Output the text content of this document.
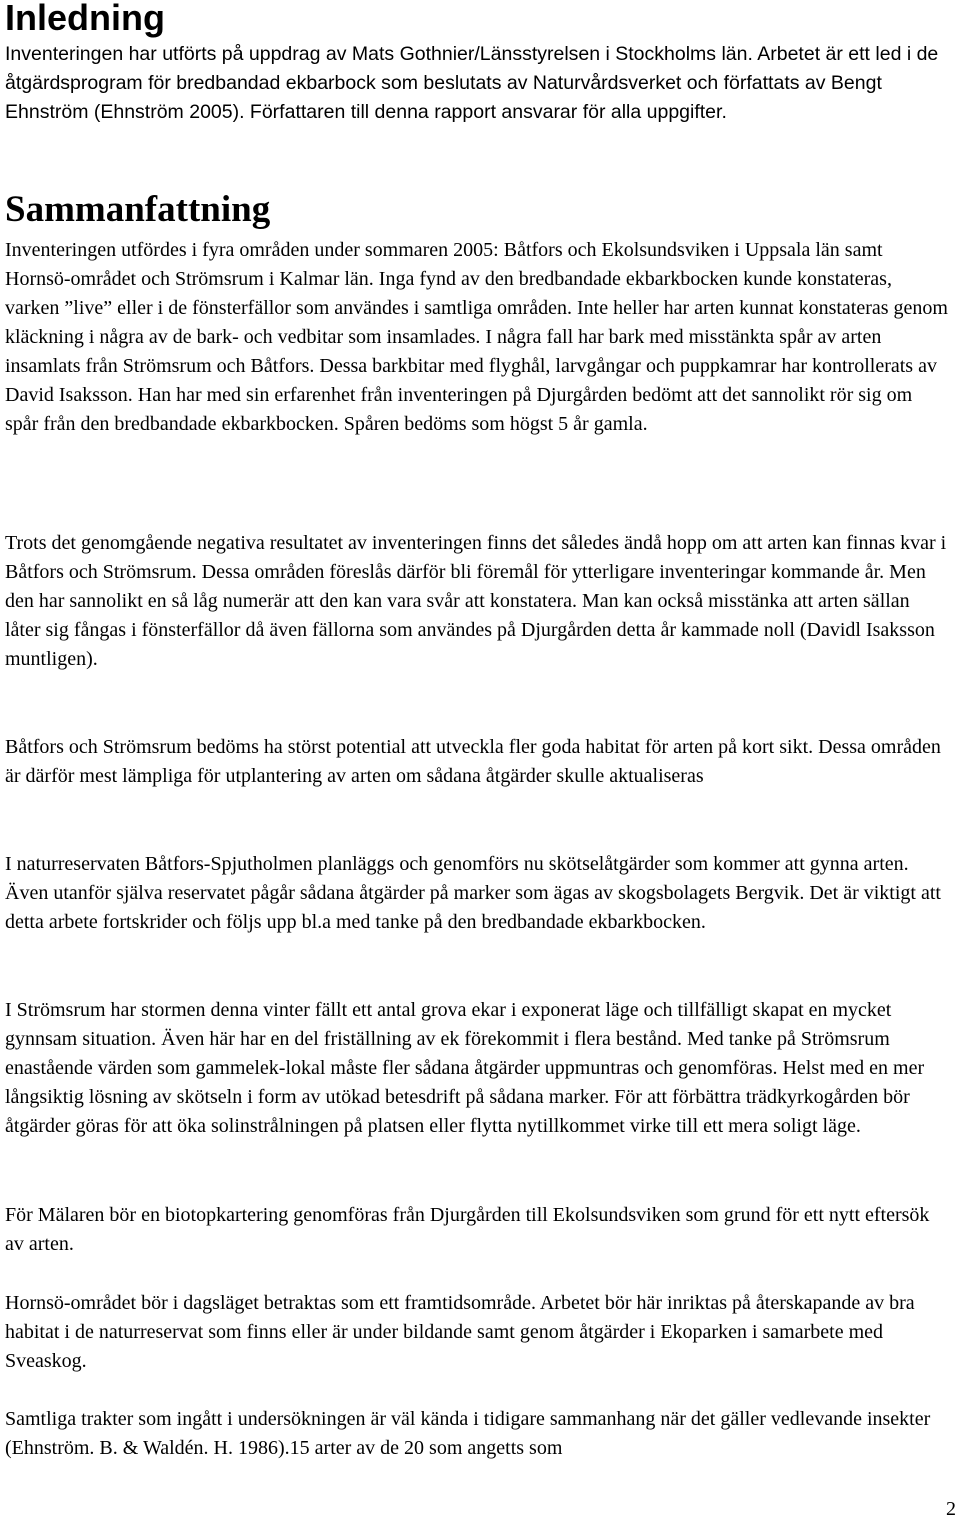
Inledning

Inventeringen har utförts på uppdrag av Mats Gothnier/Länsstyrelsen i Stockholms län. Arbetet är ett led i de åtgärdsprogram för bredbandad ekbarbock som beslutats av Naturvårdsverket och författats av Bengt Ehnström (Ehnström 2005). Författaren till denna rapport ansvarar för alla uppgifter.

Sammanfattning

Inventeringen utfördes i fyra områden under sommaren 2005: Båtfors och Ekolsundsviken i Uppsala län samt Hornsö-området och Strömsrum i Kalmar län. Inga fynd av den bredbandade ekbarkbocken kunde konstateras, varken ”live” eller i de fönsterfällor som användes i samtliga områden. Inte heller har arten kunnat konstateras genom kläckning i några av de bark- och vedbitar som insamlades. I några fall har bark med misstänkta spår av arten insamlats från Strömsrum och Båtfors. Dessa barkbitar med flyghål, larvgångar och puppkamrar har kontrollerats av David Isaksson. Han har med sin erfarenhet från inventeringen på Djurgården bedömt att det sannolikt rör sig om spår från den bredbandade ekbarkbocken. Spåren bedöms som högst 5 år gamla.

Trots det genomgående negativa resultatet av inventeringen finns det således ändå hopp om att arten kan finnas kvar i Båtfors och Strömsrum. Dessa områden föreslås därför bli föremål för ytterligare inventeringar kommande år. Men den har sannolikt en så låg numerär att den kan vara svår att konstatera. Man kan också misstänka att arten sällan låter sig fångas i fönsterfällor då även fällorna som användes på Djurgården detta år kammade noll (Davidl Isaksson muntligen).

Båtfors och Strömsrum bedöms ha störst potential att utveckla fler goda habitat för arten på kort sikt. Dessa områden är därför mest lämpliga för utplantering av arten om sådana åtgärder skulle aktualiseras

I naturreservaten Båtfors-Spjutholmen planläggs och genomförs nu skötselåtgärder som kommer att gynna arten. Även utanför själva reservatet pågår sådana åtgärder på marker som ägas av skogsbolagets Bergvik. Det är viktigt att detta arbete fortskrider och följs upp bl.a med tanke på den bredbandade ekbarkbocken.

I Strömsrum har stormen denna vinter fällt ett antal grova ekar i exponerat läge och tillfälligt skapat en mycket gynnsam situation. Även här har en del friställning av ek förekommit i flera bestånd. Med tanke på Strömsrum enastående värden som gammelek-lokal måste fler sådana åtgärder uppmuntras och genomföras. Helst med en mer långsiktig lösning av skötseln i form av utökad betesdrift på sådana marker. För att förbättra trädkyrkogården bör åtgärder göras för att öka solinstrålningen på platsen eller flytta nytillkommet virke till ett mera soligt läge.

För Mälaren bör en biotopkartering genomföras från Djurgården till Ekolsundsviken som grund för ett nytt eftersök av arten.

Hornsö-området bör i dagsläget betraktas som ett framtidsområde. Arbetet bör här inriktas på återskapande av bra habitat i de naturreservat som finns eller är under bildande samt genom åtgärder i Ekoparken i samarbete med Sveaskog.

Samtliga trakter som ingått i undersökningen är väl kända i tidigare sammanhang när det gäller vedlevande insekter (Ehnström. B. & Waldén. H. 1986).15 arter av de 20 som angetts som

2
